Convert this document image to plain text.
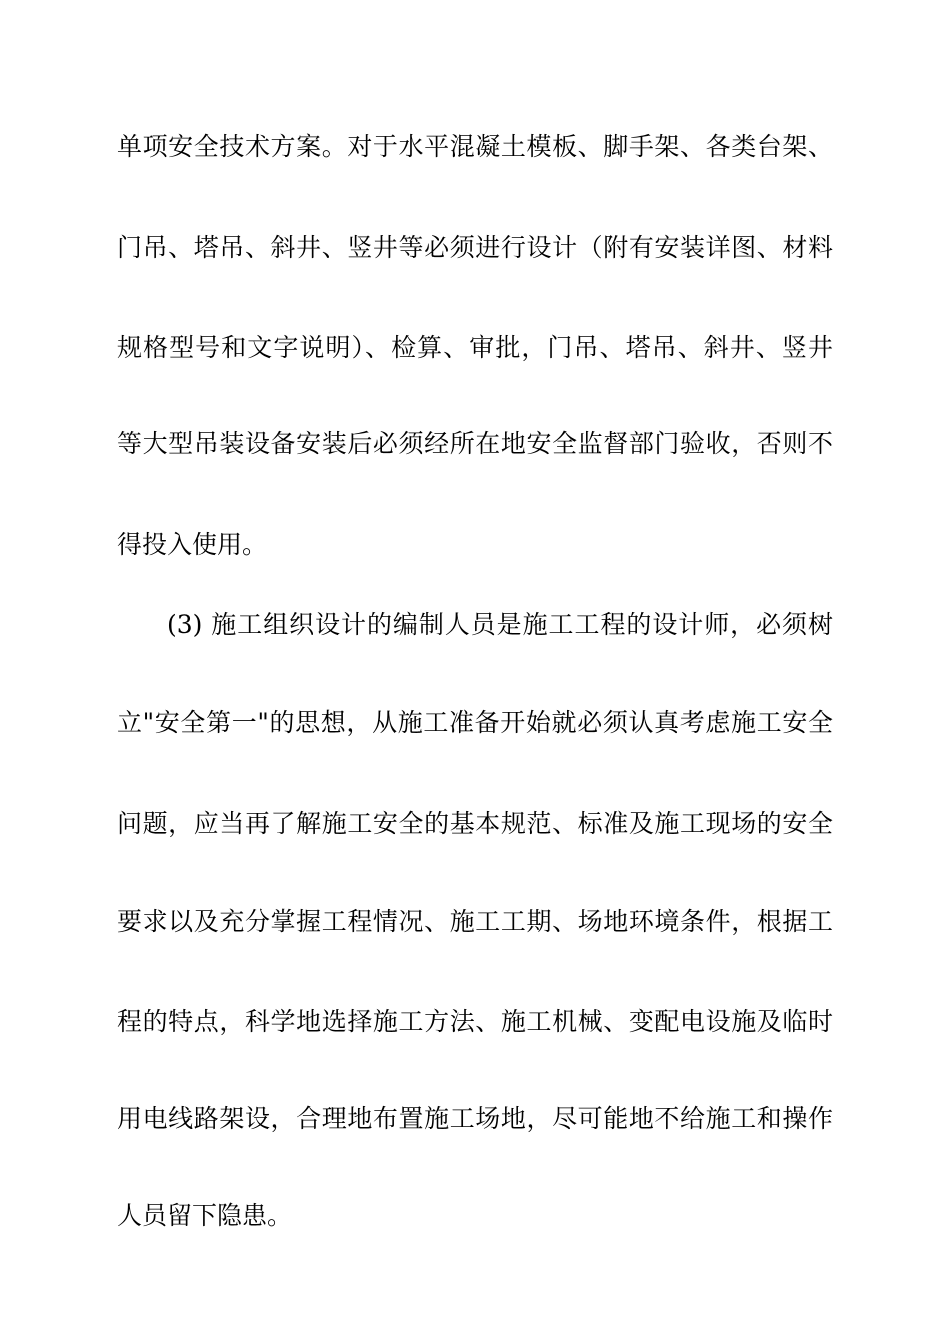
单项安全技术方案。对于水平混凝土模板、脚手架、各类台架、
门吊、塔吊、斜井、竖井等必须进行设计（附有安装详图、材料
规格型号和文字说明）、检算、审批，门吊、塔吊、斜井、竖井
等大型吊装设备安装后必须经所在地安全监督部门验收，否则不
得投入使用。
(3) 施工组织设计的编制人员是施工工程的设计师，必须树
立"安全第一"的思想，从施工准备开始就必须认真考虑施工安全
问题，应当再了解施工安全的基本规范、标准及施工现场的安全
要求以及充分掌握工程情况、施工工期、场地环境条件，根据工
程的特点，科学地选择施工方法、施工机械、变配电设施及临时
用电线路架设，合理地布置施工场地，尽可能地不给施工和操作
人员留下隐患。
